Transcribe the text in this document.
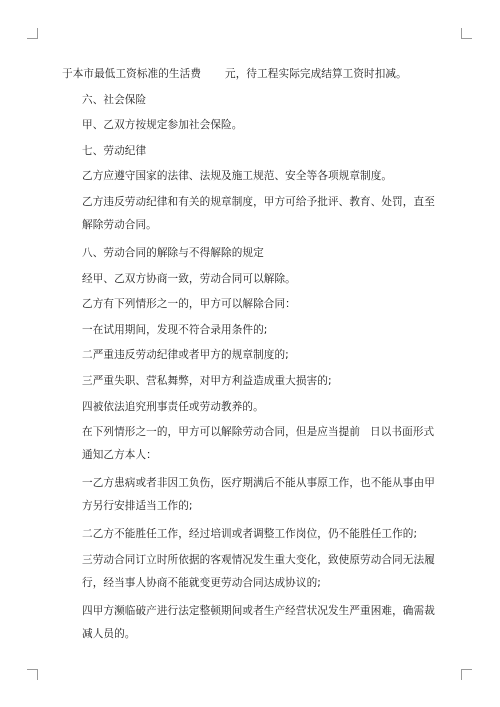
于本市最低工资标准的生活费 元，待工程实际完成结算工资时扣减。

六、社会保险

甲、乙双方按规定参加社会保险。

七、劳动纪律

乙方应遵守国家的法律、法规及施工规范、安全等各项规章制度。

乙方违反劳动纪律和有关的规章制度，甲方可给予批评、教育、处罚，直至解除劳动合同。

八、劳动合同的解除与不得解除的规定

经甲、乙双方协商一致，劳动合同可以解除。

乙方有下列情形之一的，甲方可以解除合同：

一在试用期间，发现不符合录用条件的;

二严重违反劳动纪律或者甲方的规章制度的;

三严重失职、营私舞弊，对甲方利益造成重大损害的;

四被依法追究刑事责任或劳动教养的。

在下列情形之一的，甲方可以解除劳动合同，但是应当提前 日以书面形式通知乙方本人：

一乙方患病或者非因工负伤，医疗期满后不能从事原工作，也不能从事由甲方另行安排适当工作的;

二乙方不能胜任工作，经过培训或者调整工作岗位，仍不能胜任工作的;

三劳动合同订立时所依据的客观情况发生重大变化，致使原劳动合同无法履行，经当事人协商不能就变更劳动合同达成协议的;

四甲方濒临破产进行法定整顿期间或者生产经营状况发生严重困难，确需裁减人员的。
